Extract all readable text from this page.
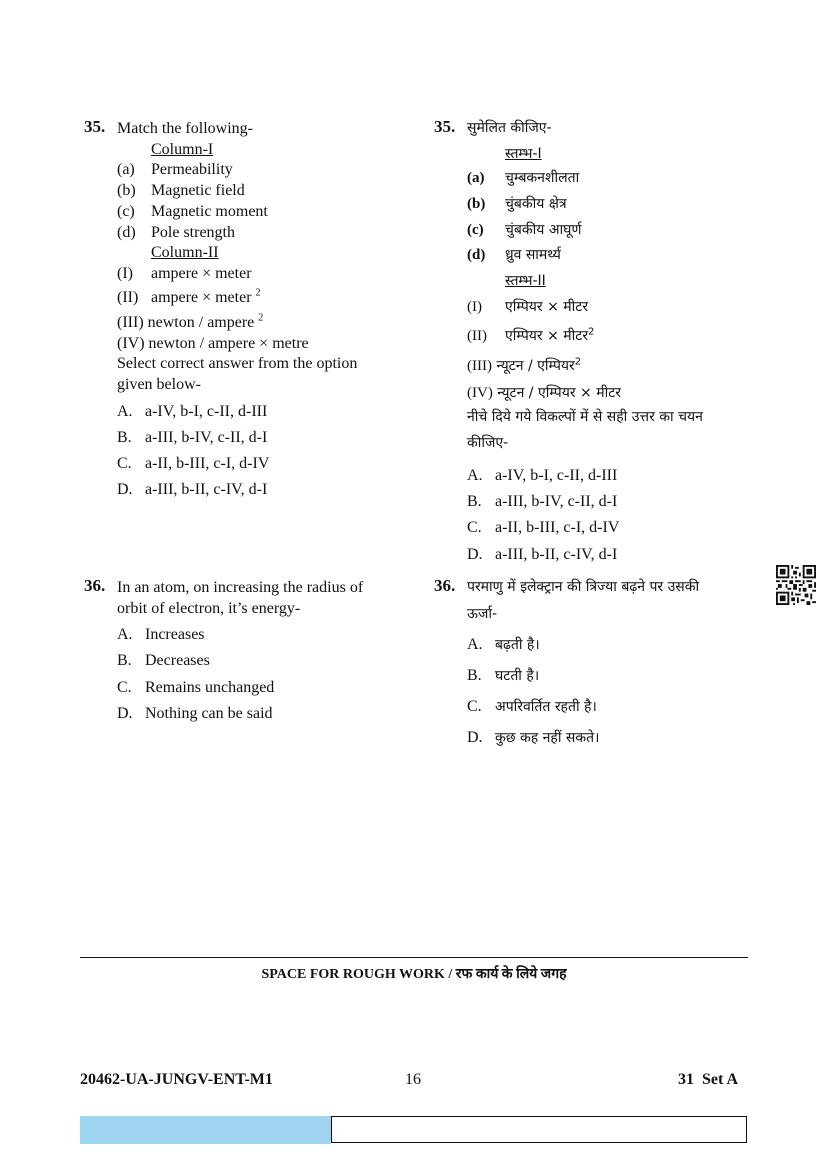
35. Match the following-
Column-I
(a) Permeability
(b) Magnetic field
(c) Magnetic moment
(d) Pole strength
Column-II
(I) ampere × meter
(II) ampere × meter $^2$
(III) newton / ampere $^2$
(IV) newton / ampere × metre
Select correct answer from the option
given below-
A. a-IV, b-I, c-II, d-III
B. a-III, b-IV, c-II, d-I
C. a-II, b-III, c-I, d-IV
D. a-III, b-II, c-IV, d-I
35. सुमेलित कीजिए-
स्तम्भ-I
(a) चुम्बकनशीलता
(b) चुंबकीय क्षेत्र
(c) चुंबकीय आघूर्ण
(d) ध्रुव सामर्थ्य
स्तम्भ-II
(I) एम्पियर × मीटर
(II) एम्पियर × मीटर$^2$
(III) न्यूटन / एम्पियर$^2$
(IV) न्यूटन / एम्पियर × मीटर
नीचे दिये गये विकल्पों में से सही उत्तर का चयन
कीजिए-
A. a-IV, b-I, c-II, d-III
B. a-III, b-IV, c-II, d-I
C. a-II, b-III, c-I, d-IV
D. a-III, b-II, c-IV, d-I
36. In an atom, on increasing the radius of
orbit of electron, it’s energy-
A. Increases
B. Decreases
C. Remains unchanged
D. Nothing can be said
36. परमाणु में इलेक्ट्रान की त्रिज्या बढ़ने पर उसकी
ऊर्जा-
A. बढ़ती है।
B. घटती है।
C. अपरिवर्तित रहती है।
D. कुछ कह नहीं सकते।
SPACE FOR ROUGH WORK / रफ कार्य के लिये जगह
20462-UA-JUNGV-ENT-M1	16	31 Set A
